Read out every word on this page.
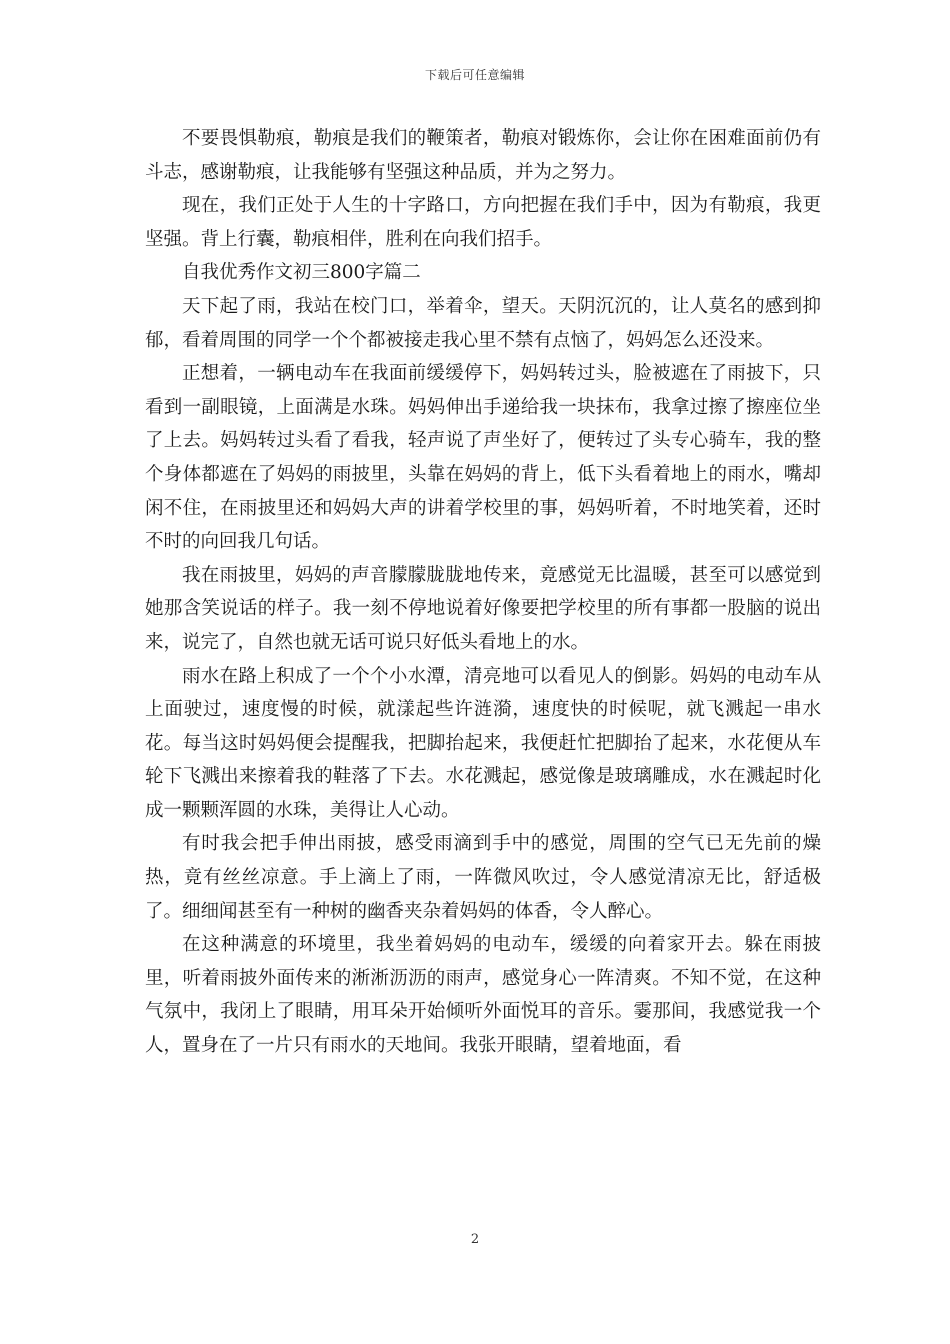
下载后可任意编辑

不要畏惧勒痕，勒痕是我们的鞭策者，勒痕对锻炼你，会让你在困难面前仍有斗志，感谢勒痕，让我能够有坚强这种品质，并为之努力。

现在，我们正处于人生的十字路口，方向把握在我们手中，因为有勒痕，我更坚强。背上行囊，勒痕相伴，胜利在向我们招手。

自我优秀作文初三800字篇二

天下起了雨，我站在校门口，举着伞，望天。天阴沉沉的，让人莫名的感到抑郁，看着周围的同学一个个都被接走我心里不禁有点恼了，妈妈怎么还没来。

正想着，一辆电动车在我面前缓缓停下，妈妈转过头，脸被遮在了雨披下，只看到一副眼镜，上面满是水珠。妈妈伸出手递给我一块抹布，我拿过擦了擦座位坐了上去。妈妈转过头看了看我，轻声说了声坐好了，便转过了头专心骑车，我的整个身体都遮在了妈妈的雨披里，头靠在妈妈的背上，低下头看着地上的雨水，嘴却闲不住，在雨披里还和妈妈大声的讲着学校里的事，妈妈听着，不时地笑着，还时不时的向回我几句话。

我在雨披里，妈妈的声音朦朦胧胧地传来，竟感觉无比温暖，甚至可以感觉到她那含笑说话的样子。我一刻不停地说着好像要把学校里的所有事都一股脑的说出来，说完了，自然也就无话可说只好低头看地上的水。

雨水在路上积成了一个个小水潭，清亮地可以看见人的倒影。妈妈的电动车从上面驶过，速度慢的时候，就漾起些许涟漪，速度快的时候呢，就飞溅起一串水花。每当这时妈妈便会提醒我，把脚抬起来，我便赶忙把脚抬了起来，水花便从车轮下飞溅出来擦着我的鞋落了下去。水花溅起，感觉像是玻璃雕成，水在溅起时化成一颗颗浑圆的水珠，美得让人心动。

有时我会把手伸出雨披，感受雨滴到手中的感觉，周围的空气已无先前的燥热，竟有丝丝凉意。手上滴上了雨，一阵微风吹过，令人感觉清凉无比，舒适极了。细细闻甚至有一种树的幽香夹杂着妈妈的体香，令人醉心。

在这种满意的环境里，我坐着妈妈的电动车，缓缓的向着家开去。躲在雨披里，听着雨披外面传来的淅淅沥沥的雨声，感觉身心一阵清爽。不知不觉，在这种气氛中，我闭上了眼睛，用耳朵开始倾听外面悦耳的音乐。霎那间，我感觉我一个人，置身在了一片只有雨水的天地间。我张开眼睛，望着地面，看

2
